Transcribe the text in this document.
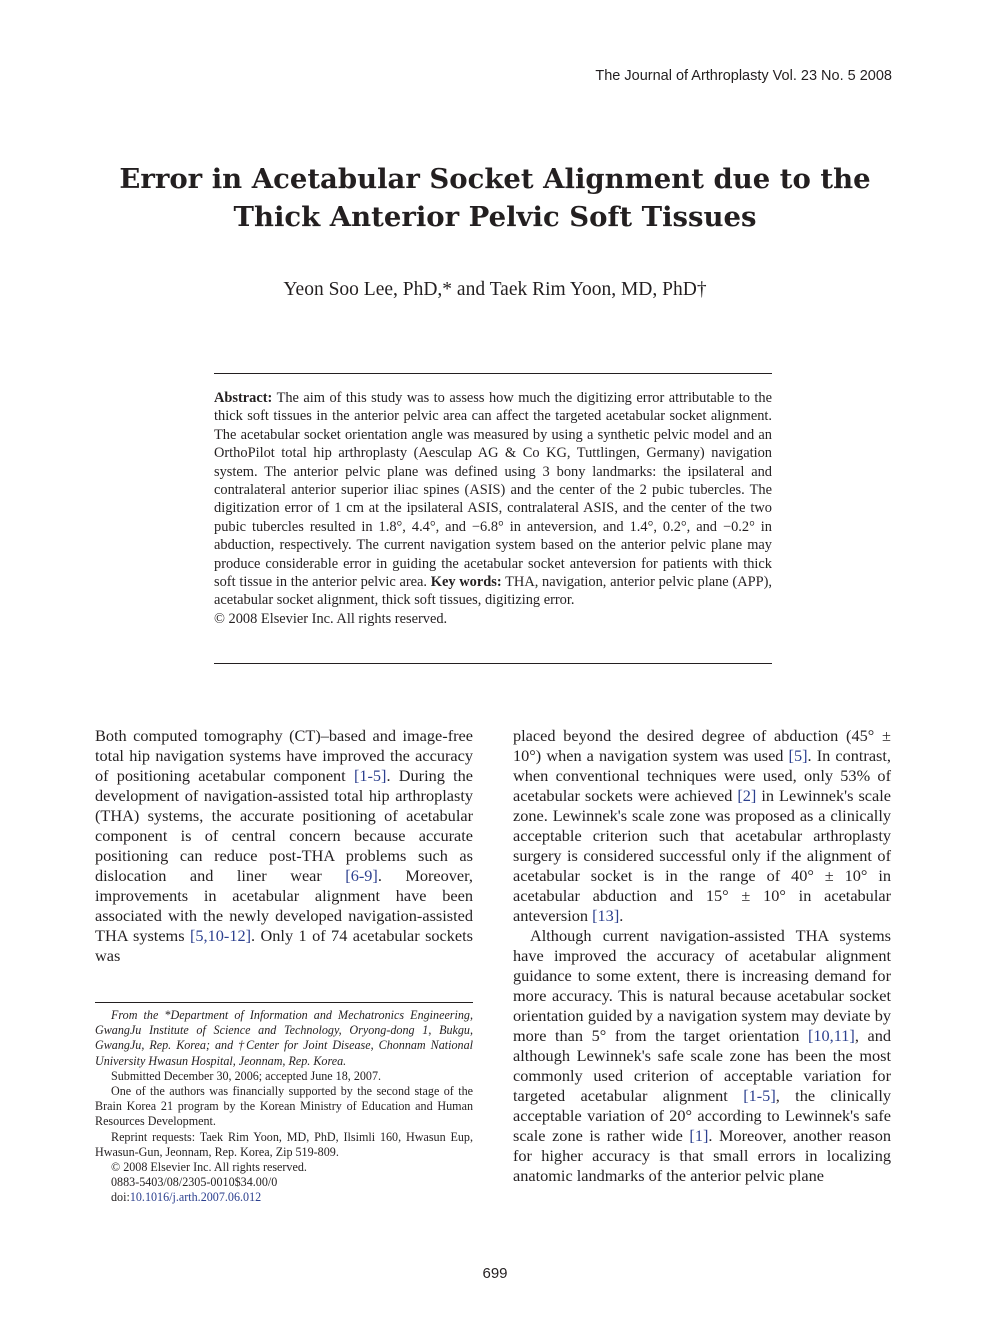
The Journal of Arthroplasty Vol. 23 No. 5 2008
Error in Acetabular Socket Alignment due to the
Thick Anterior Pelvic Soft Tissues
Yeon Soo Lee, PhD,* and Taek Rim Yoon, MD, PhD†

Abstract: The aim of this study was to assess how much the digitizing error attributable to the thick soft tissues in the anterior pelvic area can affect the targeted acetabular socket alignment. The acetabular socket orientation angle was measured by using a synthetic pelvic model and an OrthoPilot total hip arthroplasty (Aesculap AG & Co KG, Tuttlingen, Germany) navigation system. The anterior pelvic plane was defined using 3 bony landmarks: the ipsilateral and contralateral anterior superior iliac spines (ASIS) and the center of the 2 pubic tubercles. The digitization error of 1 cm at the ipsilateral ASIS, contralateral ASIS, and the center of the two pubic tubercles resulted in 1.8°, 4.4°, and −6.8° in anteversion, and 1.4°, 0.2°, and −0.2° in abduction, respectively. The current navigation system based on the anterior pelvic plane may produce considerable error in guiding the acetabular socket anteversion for patients with thick soft tissue in the anterior pelvic area. Key words: THA, navigation, anterior pelvic plane (APP), acetabular socket alignment, thick soft tissues, digitizing error.
© 2008 Elsevier Inc. All rights reserved.

Both computed tomography (CT)–based and image-free total hip navigation systems have improved the accuracy of positioning acetabular component [1-5]. During the development of navigation-assisted total hip arthroplasty (THA) systems, the accurate positioning of acetabular component is of central concern because accurate positioning can reduce post-THA problems such as dislocation and liner wear [6-9]. Moreover, improvements in acetabular alignment have been associated with the newly developed navigation-assisted THA systems [5,10-12]. Only 1 of 74 acetabular sockets was

From the *Department of Information and Mechatronics Engineering, GwangJu Institute of Science and Technology, Oryong-dong 1, Bukgu, GwangJu, Rep. Korea; and †Center for Joint Disease, Chonnam National University Hwasun Hospital, Jeonnam, Rep. Korea.

Submitted December 30, 2006; accepted June 18, 2007.

One of the authors was financially supported by the second stage of the Brain Korea 21 program by the Korean Ministry of Education and Human Resources Development.

Reprint requests: Taek Rim Yoon, MD, PhD, Ilsimli 160, Hwasun Eup, Hwasun-Gun, Jeonnam, Rep. Korea, Zip 519-809.

© 2008 Elsevier Inc. All rights reserved.

0883-5403/08/2305-0010$34.00/0

doi:10.1016/j.arth.2007.06.012

placed beyond the desired degree of abduction (45° ± 10°) when a navigation system was used [5]. In contrast, when conventional techniques were used, only 53% of acetabular sockets were achieved [2] in Lewinnek's scale zone. Lewinnek's scale zone was proposed as a clinically acceptable criterion such that acetabular arthroplasty surgery is considered successful only if the alignment of acetabular socket is in the range of 40° ± 10° in acetabular abduction and 15° ± 10° in acetabular anteversion [13].

Although current navigation-assisted THA systems have improved the accuracy of acetabular alignment guidance to some extent, there is increasing demand for more accuracy. This is natural because acetabular socket orientation guided by a navigation system may deviate by more than 5° from the target orientation [10,11], and although Lewinnek's safe scale zone has been the most commonly used criterion of acceptable variation for targeted acetabular alignment [1-5], the clinically acceptable variation of 20° according to Lewinnek's safe scale zone is rather wide [1]. Moreover, another reason for higher accuracy is that small errors in localizing anatomic landmarks of the anterior pelvic plane

699
